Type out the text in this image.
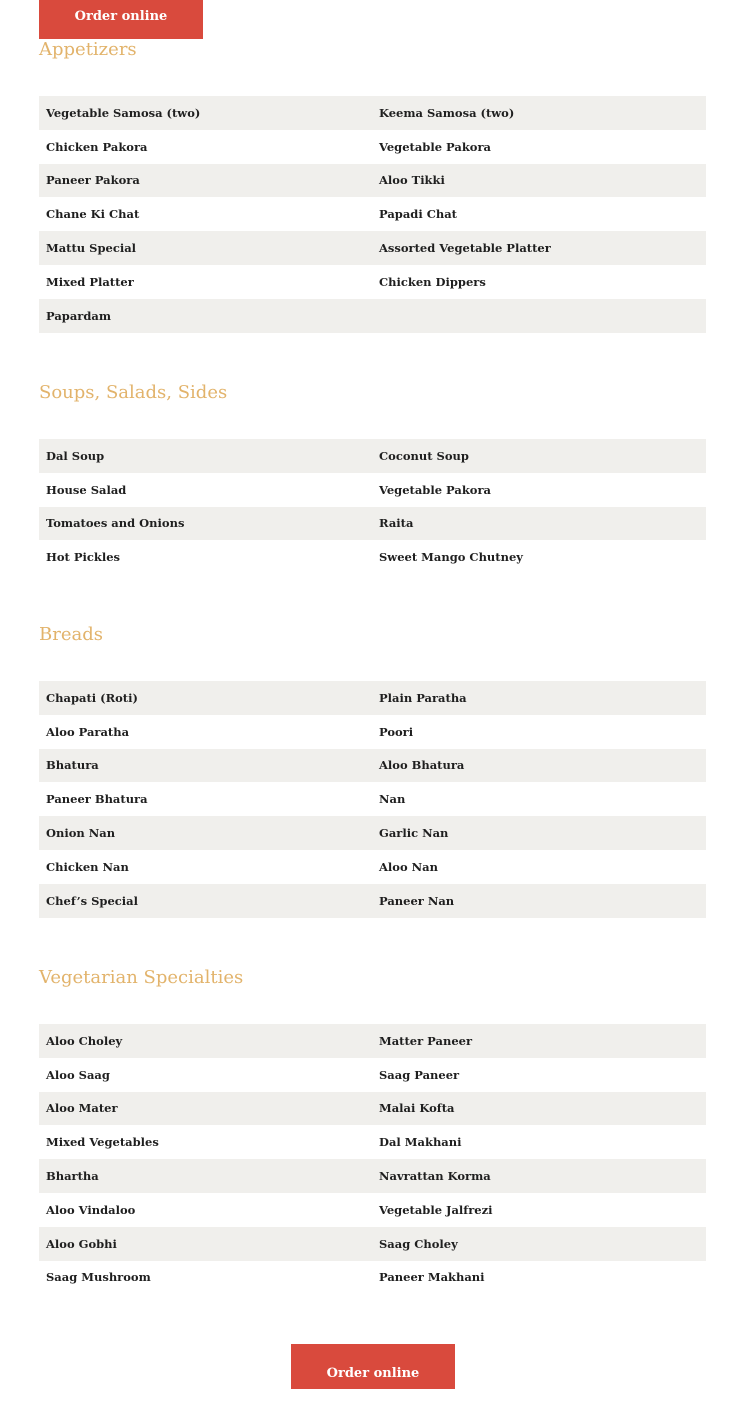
Order online
Appetizers
Vegetable Samosa (two)	Keema Samosa (two)
Chicken Pakora	Vegetable Pakora
Paneer Pakora	Aloo Tikki
Chane Ki Chat	Papadi Chat
Mattu Special	Assorted Vegetable Platter
Mixed Platter	Chicken Dippers
Papardam	
Soups, Salads, Sides
Dal Soup	Coconut Soup
House Salad	Vegetable Pakora
Tomatoes and Onions	Raita
Hot Pickles	Sweet Mango Chutney
Breads
Chapati (Roti)	Plain Paratha
Aloo Paratha	Poori
Bhatura	Aloo Bhatura
Paneer Bhatura	Nan
Onion Nan	Garlic Nan
Chicken Nan	Aloo Nan
Chef’s Special	Paneer Nan
Vegetarian Specialties
Aloo Choley	Matter Paneer
Aloo Saag	Saag Paneer
Aloo Mater	Malai Kofta
Mixed Vegetables	Dal Makhani
Bhartha	Navrattan Korma
Aloo Vindaloo	Vegetable Jalfrezi
Aloo Gobhi	Saag Choley
Saag Mushroom	Paneer Makhani
Order online
